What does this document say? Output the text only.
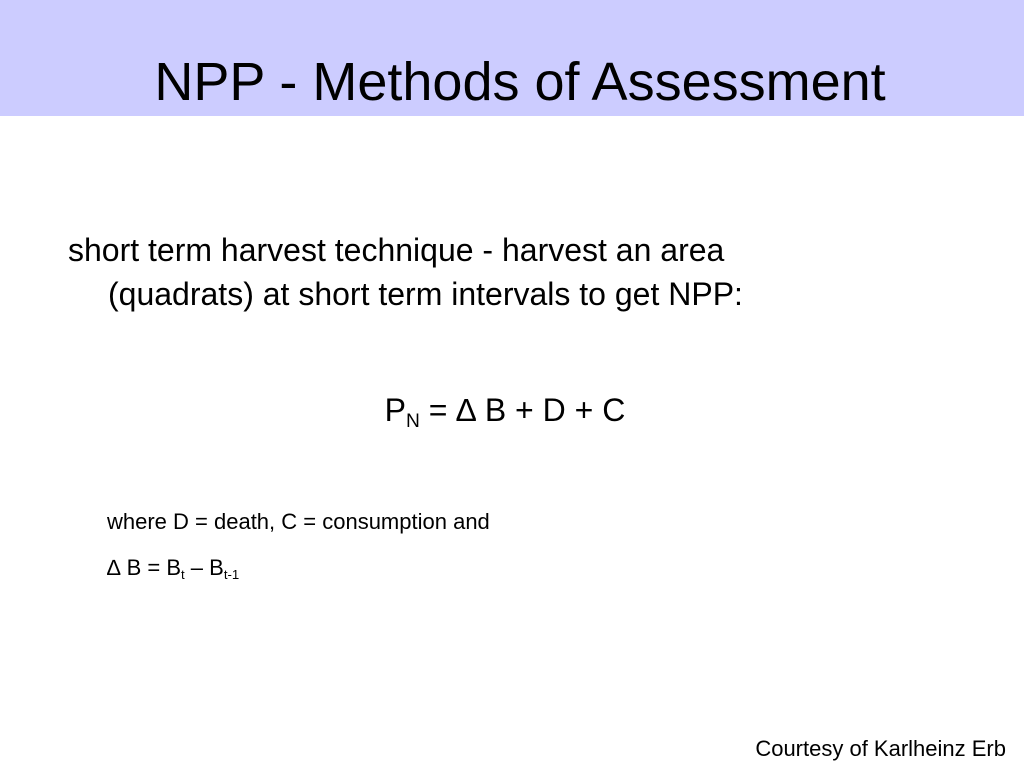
NPP - Methods of Assessment
short term harvest technique - harvest an area
(quadrats) at short term intervals to get NPP:
$P_N$ = ∆ B + D + C
where D = death, C = consumption and
∆ $B = B_t - B_{t-1}$
Courtesy of Karlheinz Erb
